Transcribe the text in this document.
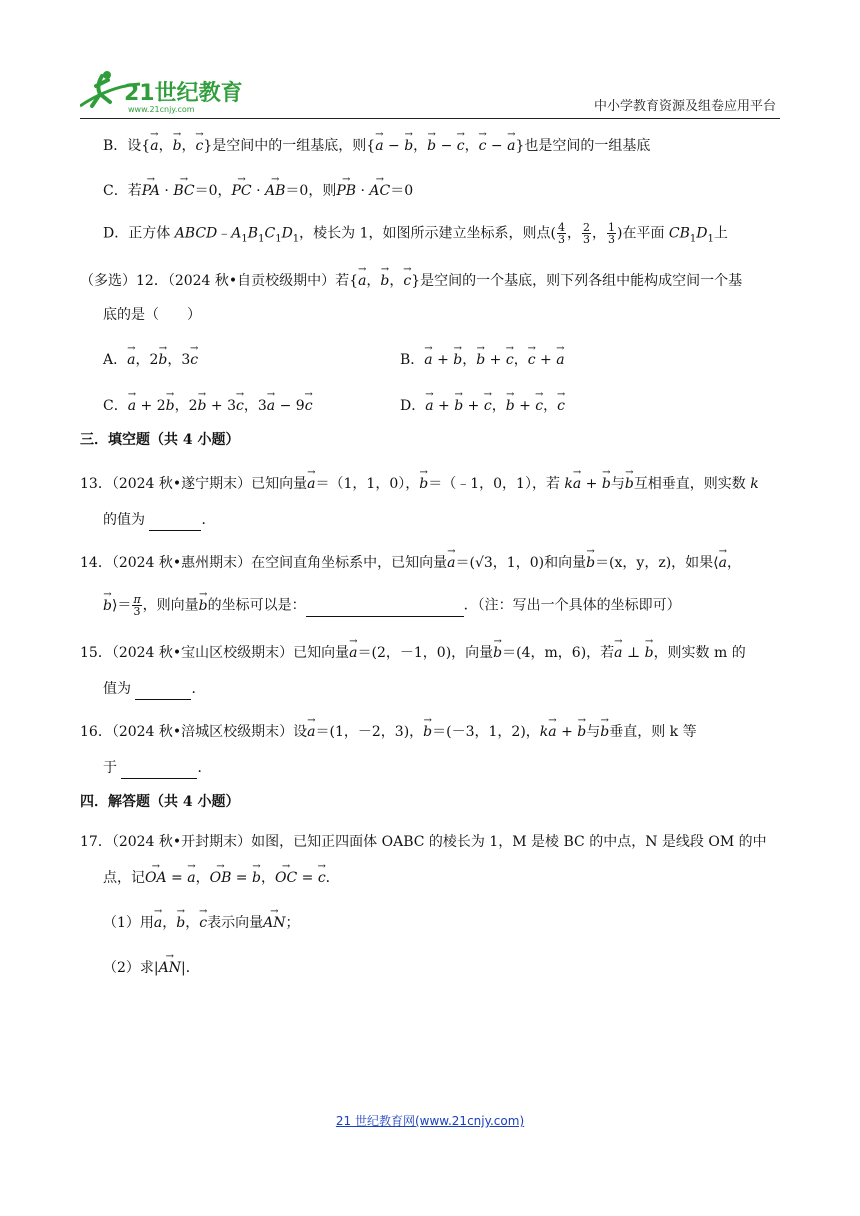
21世纪教育
www.21cnjy.com	中小学教育资源及组卷应用平台
B．设{→ a，→ b，→ c}是空间中的一组基底，则{→ a − → b，→ b − → c，→ c − → a}也是空间的一组基底
C．若→ PA · → BC＝0，→ PC · → AB＝0，则→ PB · → AC＝0
D．正方体 $ABCD﹣A_1B_1C_1D_1$，棱长为 1，如图所示建立坐标系，则点( $\frac{4}{3}$ ， $\frac{2}{3}$ ， $\frac{1}{3}$ )在平面 $CB_1D_1$上
（多选）12．（2024 秋•自贡校级期中）若{→ a，→ b，→ c}是空间的一个基底，则下列各组中能构成空间一个基
底的是（　　）
A．→ a，2→ b，3→ c	B．→ a + → b，→ b + → c，→ c + → a
C．→ a + 2→ b，2→ b + 3→ c，3→ a − 9→ c	D．→ a + → b + → c，→ b + → c，→ c
三．填空题（共 4 小题）
13．（2024 秋•遂宁期末）已知向量→ a＝（1，1，0），→ b＝（﹣1，0，1），若 k→ a + → b与→ b互相垂直，则实数 k
的值为	．
14．（2024 秋•惠州期末）在空间直角坐标系中，已知向量→ a＝(√3，1，0)和向量→ b＝(x，y，z)，如果⟨→ a，
→ b⟩＝ $\frac{\pi}{3}$ ，则向量→ b的坐标可以是：	．（注：写出一个具体的坐标即可）
15．（2024 秋•宝山区校级期末）已知向量→ a＝(2，－1，0)，向量→ b＝(4，m，6)，若→ a ⊥ → b，则实数 m 的
值为	．
16．（2024 秋•涪城区校级期末）设→ a＝(1，－2，3)，→ b＝(－3，1，2)，k→ a + → b与→ b垂直，则 k 等
于	．
四．解答题（共 4 小题）
17．（2024 秋•开封期末）如图，已知正四面体 OABC 的棱长为 1，M 是棱 BC 的中点，N 是线段 OM 的中
点，记→ OA = → a，→ OB = → b，→ OC = → c．
（1）用→ a，→ b，→ c表示向量→ AN；
（2）求|→ AN|．
21 世纪教育网(www.21cnjy.com)
